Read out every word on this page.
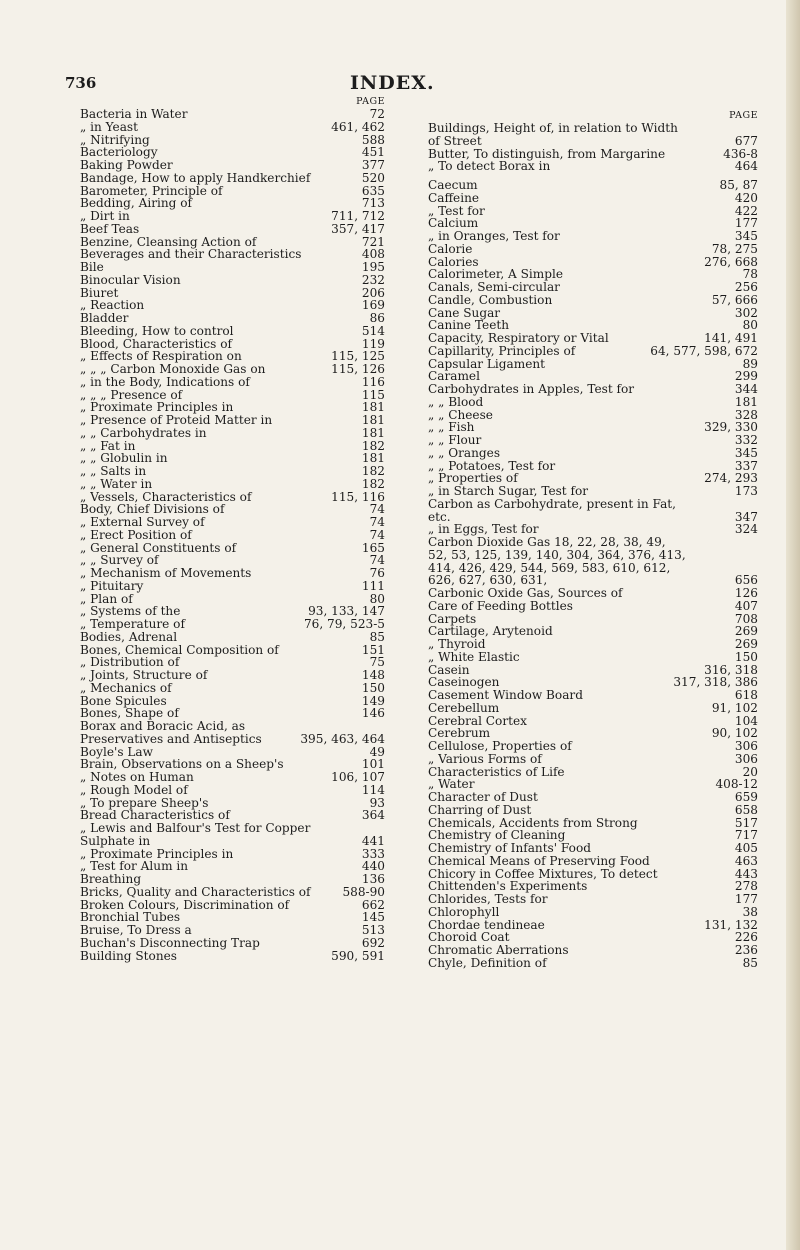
736	INDEX.
PAGE
Bacteria in Water	72
„ in Yeast	461, 462
„ Nitrifying	588
Bacteriology	451
Baking Powder	377
Bandage, How to apply Handkerchief	520
Barometer, Principle of	635
Bedding, Airing of	713
„ Dirt in	711, 712
Beef Teas	357, 417
Benzine, Cleansing Action of	721
Beverages and their Characteristics	408
Bile	195
Binocular Vision	232
Biuret	206
„ Reaction	169
Bladder	86
Bleeding, How to control	514
Blood, Characteristics of	119
„ Effects of Respiration on	115, 125
„ „ „ Carbon Monoxide Gas on	115, 126
„ in the Body, Indications of	116
„ „ „ Presence of	115
„ Proximate Principles in	181
„ Presence of Proteid Matter in	181
„ „ Carbohydrates in	181
„ „ Fat in	182
„ „ Globulin in	181
„ „ Salts in	182
„ „ Water in	182
„ Vessels, Characteristics of	115, 116
Body, Chief Divisions of	74
„ External Survey of	74
„ Erect Position of	74
„ General Constituents of	165
„ „ Survey of	74
„ Mechanism of Movements	76
„ Pituitary	111
„ Plan of	80
„ Systems of the	93, 133, 147
„ Temperature of	76, 79, 523-5
Bodies, Adrenal	85
Bones, Chemical Composition of	151
„ Distribution of	75
„ Joints, Structure of	148
„ Mechanics of	150
Bone Spicules	149
Bones, Shape of	146
Borax and Boracic Acid, as Preservatives and Antiseptics	395, 463, 464
Boyle's Law	49
Brain, Observations on a Sheep's	101
„ Notes on Human	106, 107
„ Rough Model of	114
„ To prepare Sheep's	93
Bread Characteristics of	364
„ Lewis and Balfour's Test for Copper Sulphate in	441
„ Proximate Principles in	333
„ Test for Alum in	440
Breathing	136
Bricks, Quality and Characteristics of	588-90
Broken Colours, Discrimination of	662
Bronchial Tubes	145
Bruise, To Dress a	513
Buchan's Disconnecting Trap	692
Building Stones	590, 591
PAGE
Buildings, Height of, in relation to Width of Street	677
Butter, To distinguish, from Margarine	436-8
„ To detect Borax in	464
Caecum	85, 87
Caffeine	420
„ Test for	422
Calcium	177
„ in Oranges, Test for	345
Calorie	78, 275
Calories	276, 668
Calorimeter, A Simple	78
Canals, Semi-circular	256
Candle, Combustion	57, 666
Cane Sugar	302
Canine Teeth	80
Capacity, Respiratory or Vital	141, 491
Capillarity, Principles of	64, 577, 598, 672
Capsular Ligament	89
Caramel	299
Carbohydrates in Apples, Test for	344
„ „ Blood	181
„ „ Cheese	328
„ „ Fish	329, 330
„ „ Flour	332
„ „ Oranges	345
„ „ Potatoes, Test for	337
„ Properties of	274, 293
„ in Starch Sugar, Test for	173
Carbon as Carbohydrate, present in Fat, etc.	347
„ in Eggs, Test for	324
Carbon Dioxide Gas 18, 22, 28, 38, 49, 52, 53, 125, 139, 140, 304, 364, 376, 413, 414, 426, 429, 544, 569, 583, 610, 612, 626, 627, 630, 631,	656
Carbonic Oxide Gas, Sources of	126
Care of Feeding Bottles	407
Carpets	708
Cartilage, Arytenoid	269
„ Thyroid	269
„ White Elastic	150
Casein	316, 318
Caseinogen	317, 318, 386
Casement Window Board	618
Cerebellum	91, 102
Cerebral Cortex	104
Cerebrum	90, 102
Cellulose, Properties of	306
„ Various Forms of	306
Characteristics of Life	20
„ Water	408-12
Character of Dust	659
Charring of Dust	658
Chemicals, Accidents from Strong	517
Chemistry of Cleaning	717
Chemistry of Infants' Food	405
Chemical Means of Preserving Food	463
Chicory in Coffee Mixtures, To detect	443
Chittenden's Experiments	278
Chlorides, Tests for	177
Chlorophyll	38
Chordae tendineae	131, 132
Choroid Coat	226
Chromatic Aberrations	236
Chyle, Definition of	85
